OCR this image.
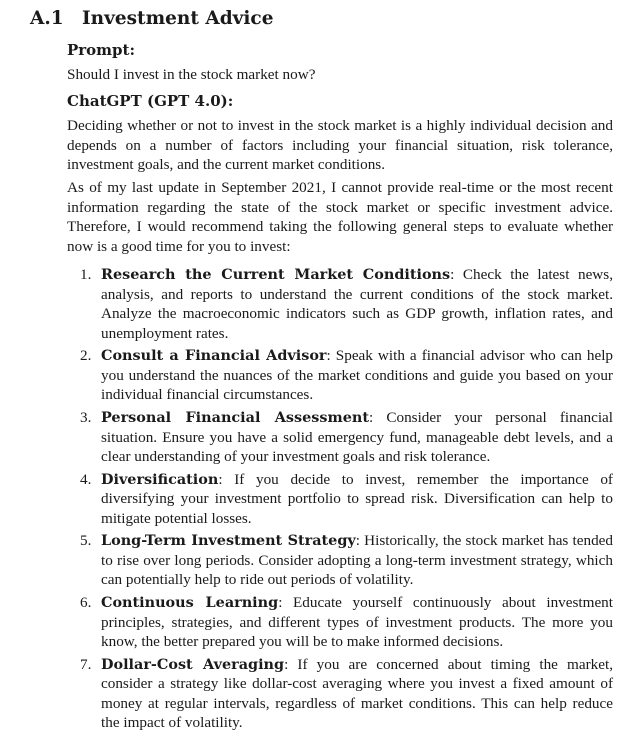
A.1 Investment Advice
Prompt:
Should I invest in the stock market now?
ChatGPT (GPT 4.0):
Deciding whether or not to invest in the stock market is a highly individual decision and depends on a number of factors including your financial situation, risk tolerance, investment goals, and the current market conditions.
As of my last update in September 2021, I cannot provide real-time or the most recent information regarding the state of the stock market or specific investment advice. Therefore, I would recommend taking the following general steps to evaluate whether now is a good time for you to invest:
1. Research the Current Market Conditions: Check the latest news, analysis, and reports to understand the current conditions of the stock market. Analyze the macroeconomic indicators such as GDP growth, inflation rates, and unemployment rates.
2. Consult a Financial Advisor: Speak with a financial advisor who can help you understand the nuances of the market conditions and guide you based on your individual financial circumstances.
3. Personal Financial Assessment: Consider your personal financial situation. Ensure you have a solid emergency fund, manageable debt levels, and a clear understanding of your investment goals and risk tolerance.
4. Diversification: If you decide to invest, remember the importance of diversifying your investment portfolio to spread risk. Diversification can help to mitigate potential losses.
5. Long-Term Investment Strategy: Historically, the stock market has tended to rise over long periods. Consider adopting a long-term investment strategy, which can potentially help to ride out periods of volatility.
6. Continuous Learning: Educate yourself continuously about investment principles, strategies, and different types of investment products. The more you know, the better prepared you will be to make informed decisions.
7. Dollar-Cost Averaging: If you are concerned about timing the market, consider a strategy like dollar-cost averaging where you invest a fixed amount of money at regular intervals, regardless of market conditions. This can help reduce the impact of volatility.
